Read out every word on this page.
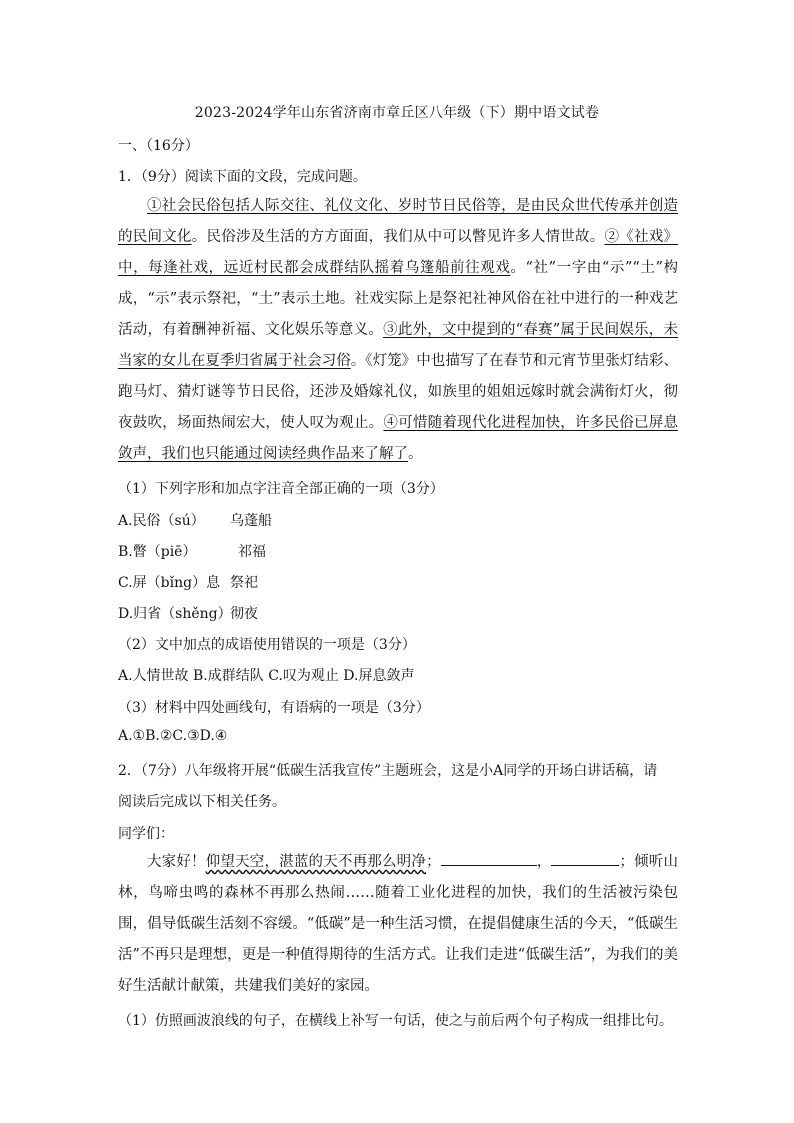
2023-2024学年山东省济南市章丘区八年级（下）期中语文试卷
一、（16分）
1．（9分）阅读下面的文段，完成问题。

①社会民俗包括人际交往、礼仪文化、岁时节日民俗等，是由民众世代传承并创造的民间文化。民俗涉及生活的方方面面，我们从中可以瞥见许多人情世故。②《社戏》中，每逢社戏，远近村民都会成群结队摇着乌篷船前往观戏。“社”一字由“示”“土”构成，“示”表示祭祀，“土”表示土地。社戏实际上是祭祀社神风俗在社中进行的一种戏艺活动，有着酬神祈福、文化娱乐等意义。③此外，文中提到的“春赛”属于民间娱乐，未当家的女儿在夏季归省属于社会习俗。《灯笼》中也描写了在春节和元宵节里张灯结彩、跑马灯、猜灯谜等节日民俗，还涉及婚嫁礼仪，如族里的姐姐远嫁时就会满衔灯火，彻夜鼓吹，场面热闹宏大，使人叹为观止。④可惜随着现代化进程加快，许多民俗已屏息敛声，我们也只能通过阅读经典作品来了解了。

（1）下列字形和加点字注音全部正确的一项（3分）
A.民俗（sú） 乌蓬船
B.瞥（piē）	祁福
C.屏（bǐng）息 祭祀
D.归省（shěng）
彻夜
（2）文中加点的成语使用错误的一项是（3分）
A.人情世故 B.成群结队 C.叹为观止 D.屏息敛声
（3）材料中四处画线句，有语病的一项是（3分）
A.①B.②C.③D.④
2．（7分）八年级将开展“低碳生活我宣传”主题班会，这是小A同学的开场白讲话稿，请
阅读后完成以下相关任务。
同学们：

大家好！仰望天空，湛蓝的天不再那么明净；	，	；倾听山林，鸟啼虫鸣的森林不再那么热闹……随着工业化进程的加快，我们的生活被污染包围，倡导低碳生活刻不容缓。“低碳”是一种生活习惯，在提倡健康生活的今天，“低碳生活”不再只是理想，更是一种值得期待的生活方式。让我们走进“低碳生活”，为我们的美好生活献计献策，共建我们美好的家园。

（1）仿照画波浪线的句子，在横线上补写一句话，使之与前后两个句子构成一组排比句。
